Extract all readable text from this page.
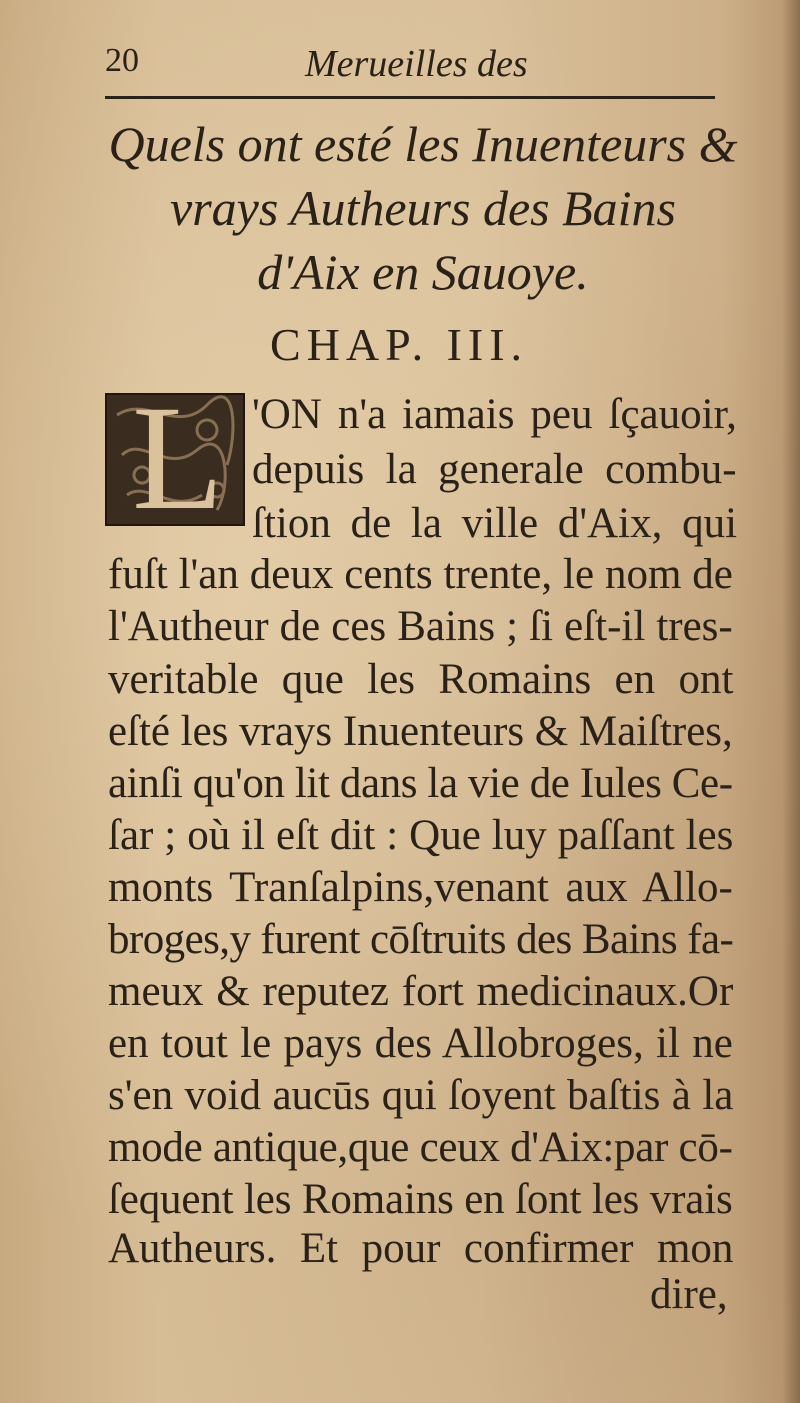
20	Merueilles des
Quels ont esté les Inuenteurs &
vrays Autheurs des Bains
d'Aix en Sauoye.
CHAP. III.
L 'ON n'a iamais peu ſçauoir,
depuis la generale combu-
ſtion de la ville d'Aix, qui
fuſt l'an deux cents trente, le nom de
l'Autheur de ces Bains ; ſi eſt-il tres-
veritable que les Romains en ont
eſté les vrays Inuenteurs & Maiſtres,
ainſi qu'on lit dans la vie de Iules Ce-
ſar ; où il eſt dit : Que luy paſſant les
monts Tranſalpins,venant aux Allo-
broges,y furent cōſtruits des Bains fa-
meux & reputez fort medicinaux.Or
en tout le pays des Allobroges, il ne
s'en void aucūs qui ſoyent baſtis à la
mode antique,que ceux d'Aix:par cō-
ſequent les Romains en ſont les vrais
Autheurs. Et pour confirmer mon
dire,
